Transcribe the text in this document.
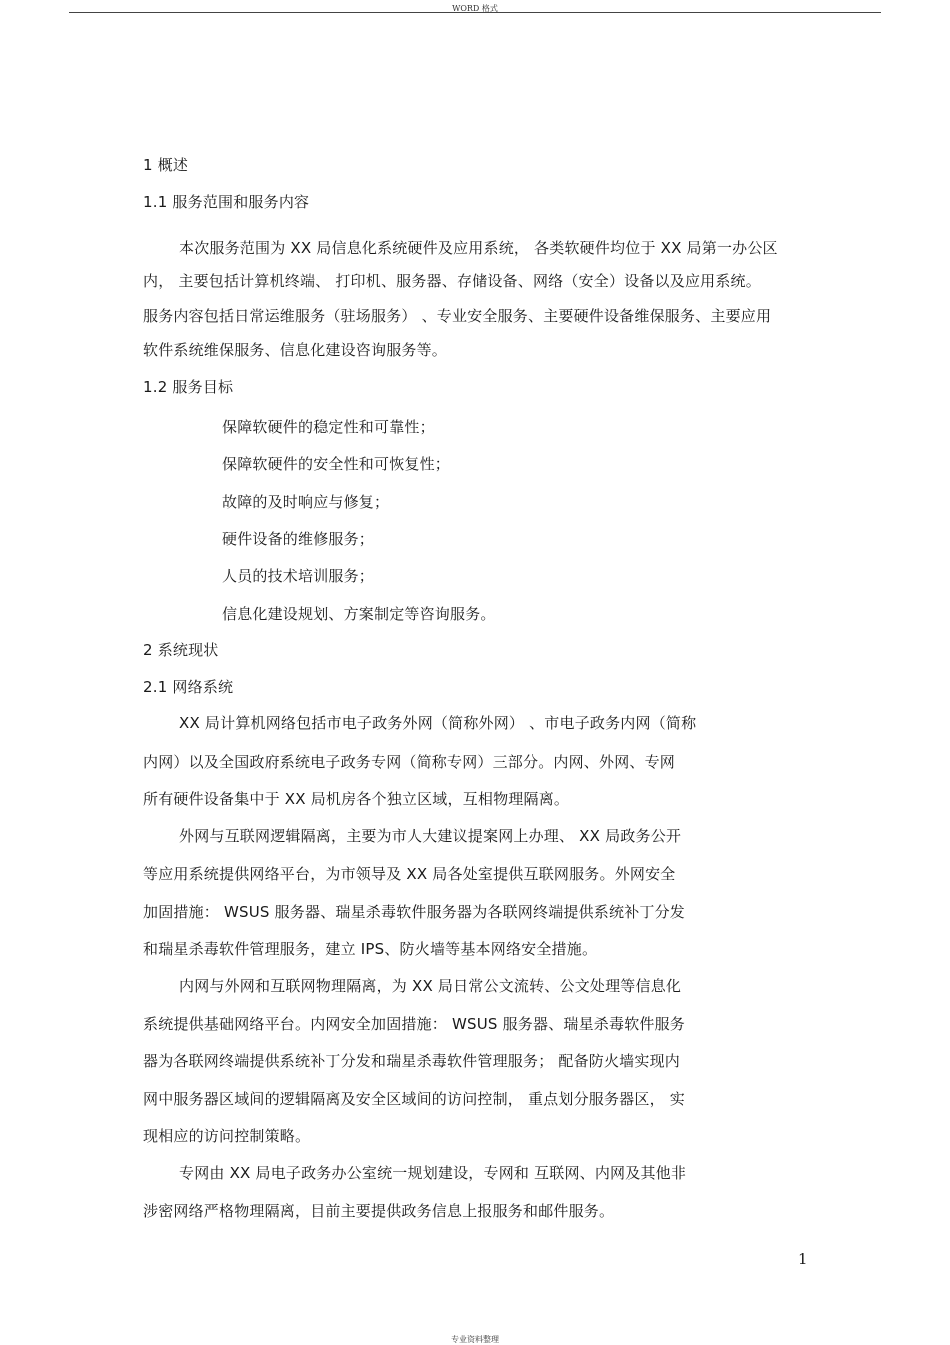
WORD 格式
1 概述
1.1 服务范围和服务内容
本次服务范围为 XX 局信息化系统硬件及应用系统， 各类软硬件均位于 XX 局第一办公区
内， 主要包括计算机终端、 打印机、服务器、存储设备、网络（安全）设备以及应用系统。
服务内容包括日常运维服务（驻场服务） 、专业安全服务、主要硬件设备维保服务、主要应用
软件系统维保服务、信息化建设咨询服务等。
1.2 服务目标
保障软硬件的稳定性和可靠性；
保障软硬件的安全性和可恢复性；
故障的及时响应与修复；
硬件设备的维修服务；
人员的技术培训服务；
信息化建设规划、方案制定等咨询服务。
2 系统现状
2.1 网络系统
XX 局计算机网络包括市电子政务外网（简称外网） 、市电子政务内网（简称
内网）以及全国政府系统电子政务专网（简称专网）三部分。内网、外网、专网
所有硬件设备集中于 XX 局机房各个独立区域，互相物理隔离。
外网与互联网逻辑隔离，主要为市人大建议提案网上办理、 XX 局政务公开
等应用系统提供网络平台，为市领导及 XX 局各处室提供互联网服务。外网安全
加固措施： WSUS 服务器、瑞星杀毒软件服务器为各联网终端提供系统补丁分发
和瑞星杀毒软件管理服务，建立 IPS、防火墙等基本网络安全措施。
内网与外网和互联网物理隔离，为 XX 局日常公文流转、公文处理等信息化
系统提供基础网络平台。内网安全加固措施： WSUS 服务器、瑞星杀毒软件服务
器为各联网终端提供系统补丁分发和瑞星杀毒软件管理服务； 配备防火墙实现内
网中服务器区域间的逻辑隔离及安全区域间的访问控制， 重点划分服务器区， 实
现相应的访问控制策略。
专网由 XX 局电子政务办公室统一规划建设，专网和 互联网、内网及其他非
涉密网络严格物理隔离，目前主要提供政务信息上报服务和邮件服务。
1
专业资料整理
